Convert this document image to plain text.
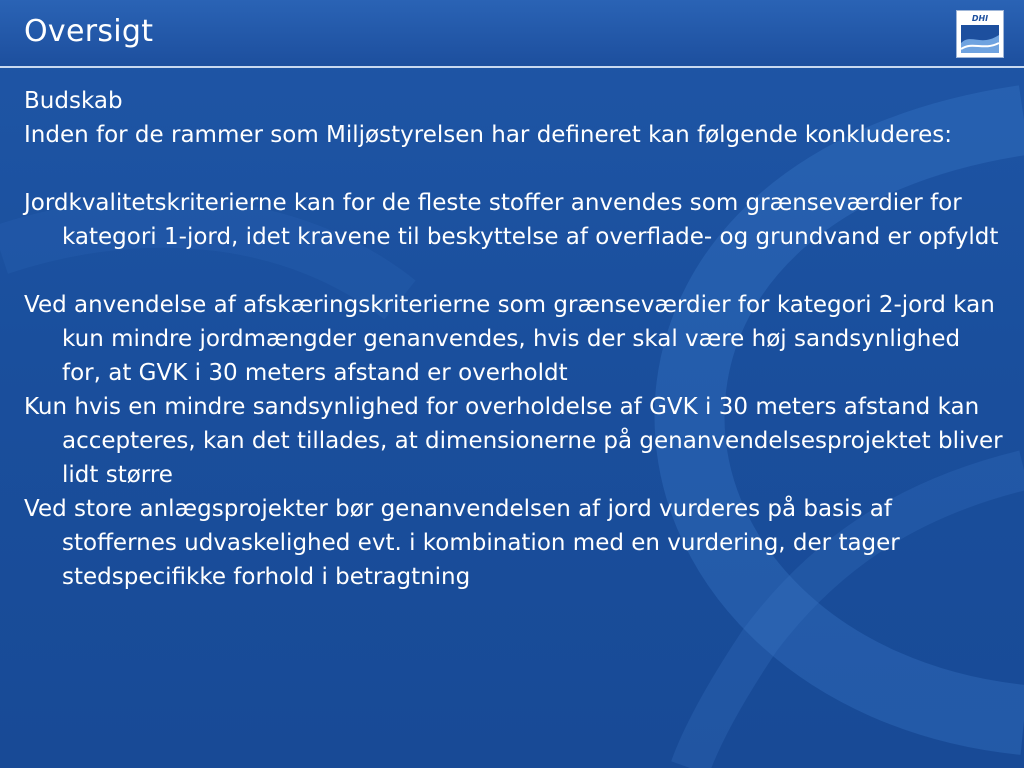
Oversigt	DHI

Budskab

Inden for de rammer som Miljøstyrelsen har defineret kan følgende konkluderes:

Jordkvalitetskriterierne kan for de fleste stoffer anvendes som grænseværdier for kategori 1-jord, idet kravene til beskyttelse af overflade- og grundvand er opfyldt

Ved anvendelse af afskæringskriterierne som grænseværdier for kategori 2-jord kan kun mindre jordmængder genanvendes, hvis der skal være høj sandsynlighed for, at GVK i 30 meters afstand er overholdt

Kun hvis en mindre sandsynlighed for overholdelse af GVK i 30 meters afstand kan accepteres, kan det tillades, at dimensionerne på genanvendelsesprojektet bliver lidt større

Ved store anlægsprojekter bør genanvendelsen af jord vurderes på basis af stoffernes udvaskelighed evt. i kombination med en vurdering, der tager stedspecifikke forhold i betragtning
